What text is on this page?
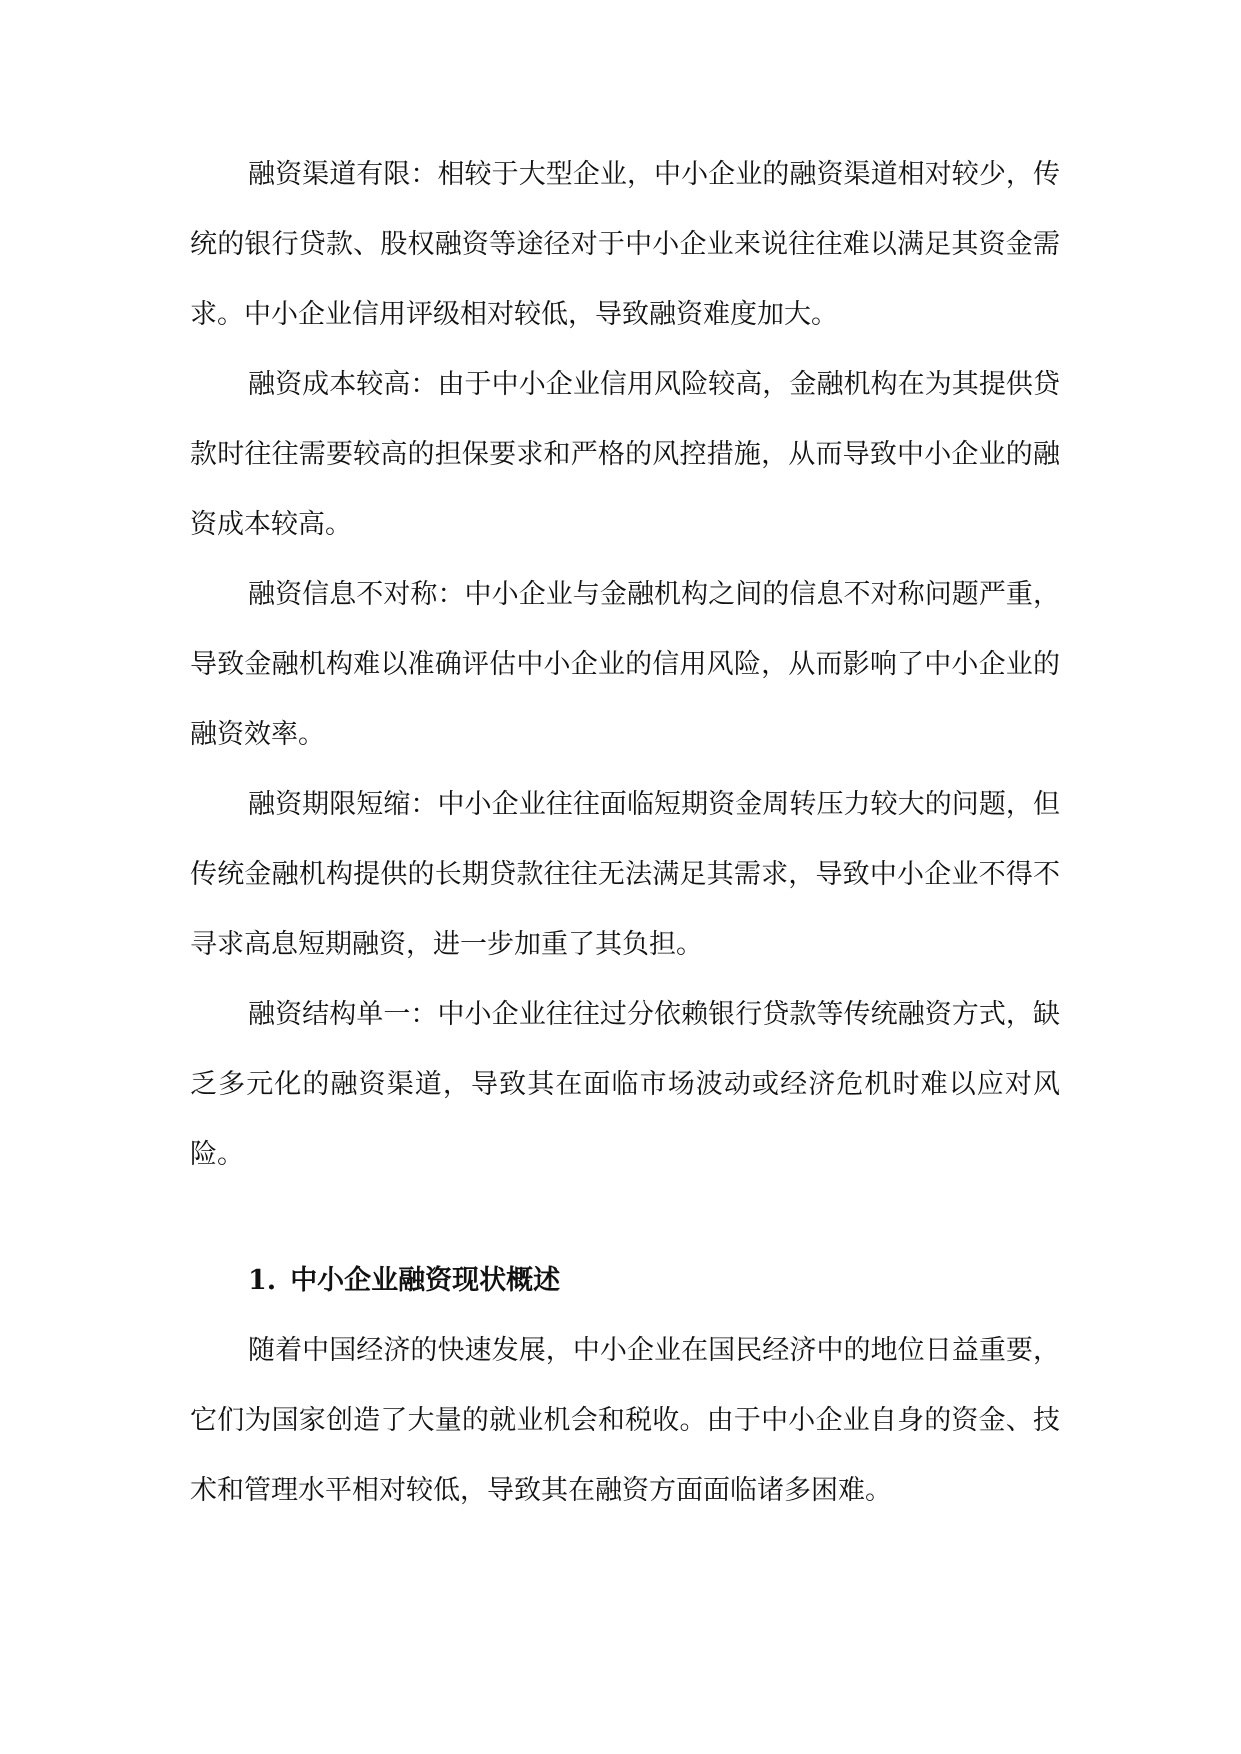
融资渠道有限：相较于大型企业，中小企业的融资渠道相对较少，传统的银行贷款、股权融资等途径对于中小企业来说往往难以满足其资金需求。中小企业信用评级相对较低，导致融资难度加大。

融资成本较高：由于中小企业信用风险较高，金融机构在为其提供贷款时往往需要较高的担保要求和严格的风控措施，从而导致中小企业的融资成本较高。

融资信息不对称：中小企业与金融机构之间的信息不对称问题严重，导致金融机构难以准确评估中小企业的信用风险，从而影响了中小企业的融资效率。

融资期限短缩：中小企业往往面临短期资金周转压力较大的问题，但传统金融机构提供的长期贷款往往无法满足其需求，导致中小企业不得不寻求高息短期融资，进一步加重了其负担。

融资结构单一：中小企业往往过分依赖银行贷款等传统融资方式，缺乏多元化的融资渠道，导致其在面临市场波动或经济危机时难以应对风险。

1. 中小企业融资现状概述

随着中国经济的快速发展，中小企业在国民经济中的地位日益重要，它们为国家创造了大量的就业机会和税收。由于中小企业自身的资金、技术和管理水平相对较低，导致其在融资方面面临诸多困难。
